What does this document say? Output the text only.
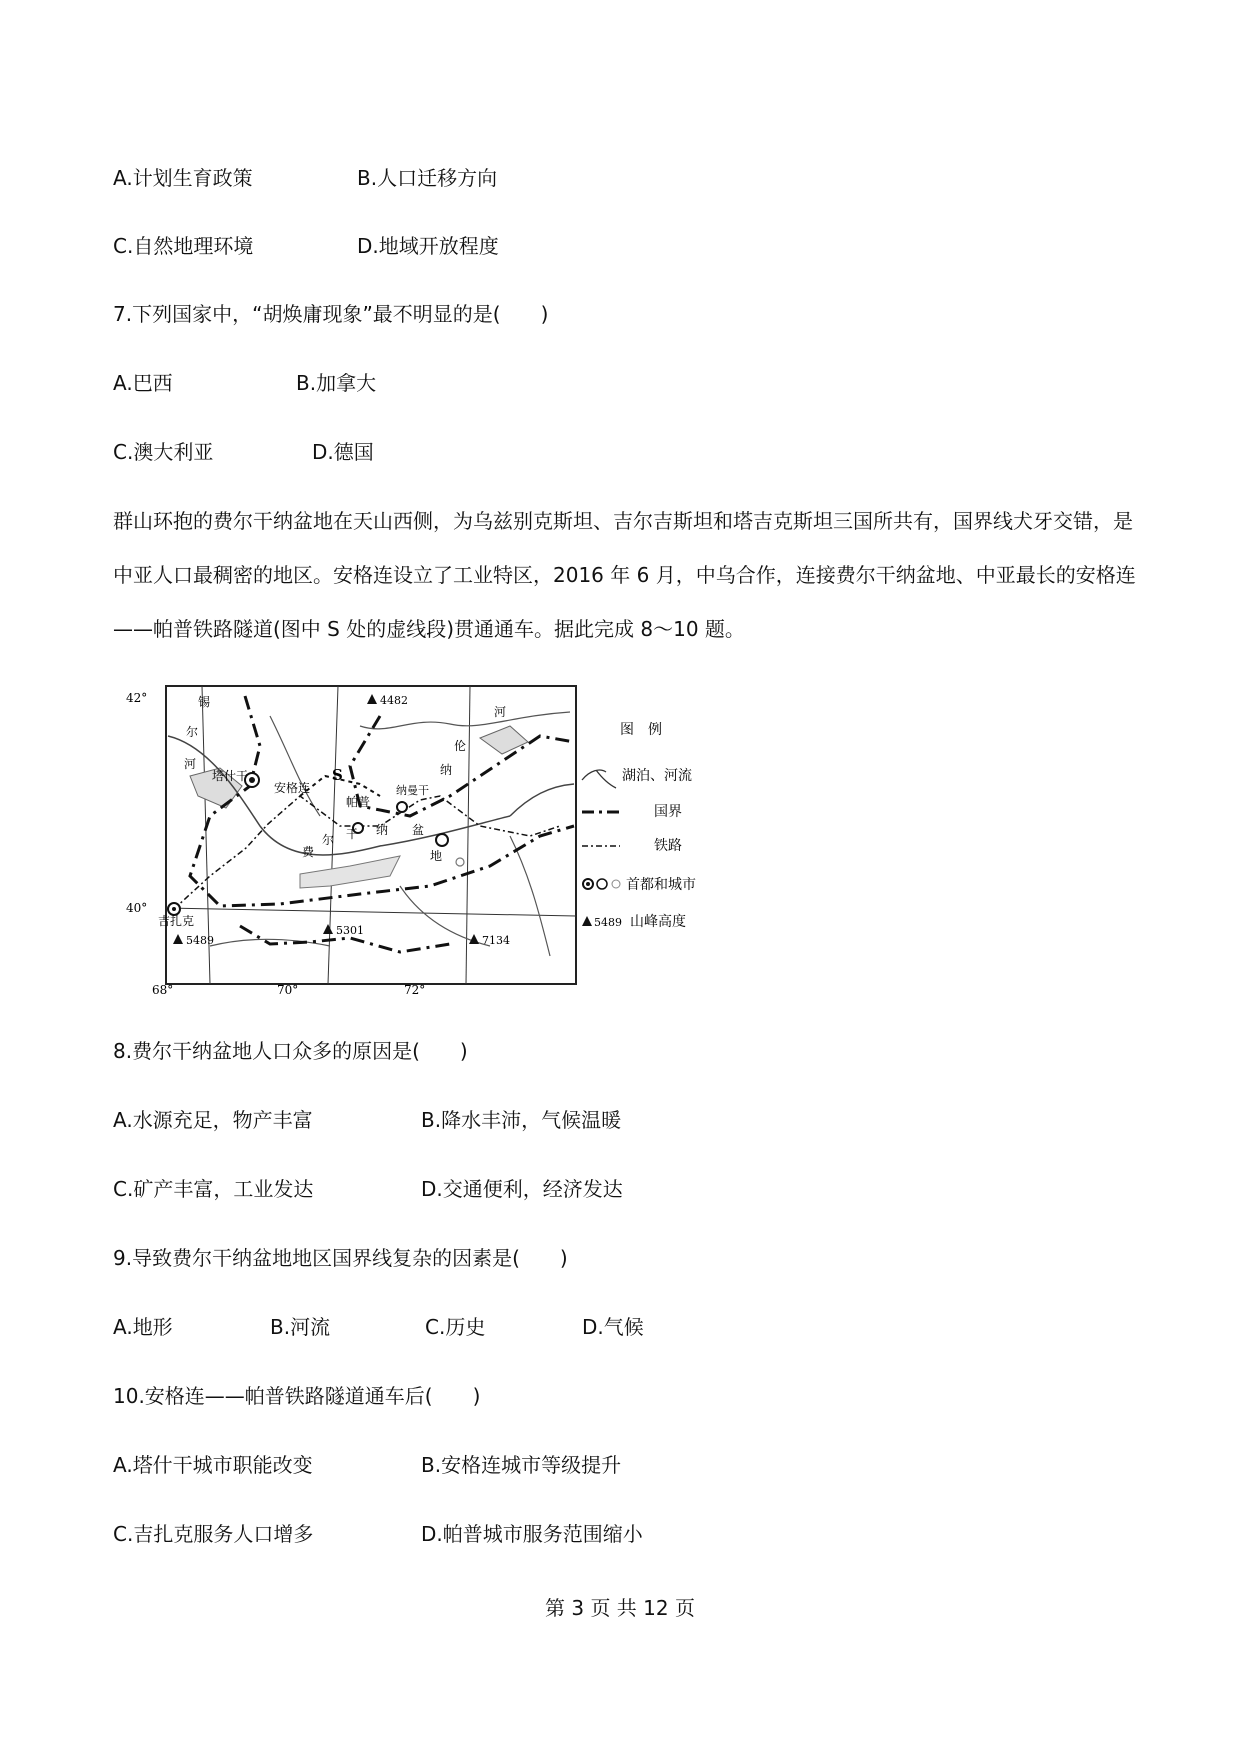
A.计划生育政策	B.人口迁移方向
C.自然地理环境	D.地域开放程度
7.下列国家中，“胡焕庸现象”最不明显的是(　　)
A.巴西	B.加拿大
C.澳大利亚	D.德国
群山环抱的费尔干纳盆地在天山西侧，为乌兹别克斯坦、吉尔吉斯坦和塔吉克斯坦三国所共有，国界线犬牙交错，是中亚人口最稠密的地区。安格连设立了工业特区，2016 年 6 月，中乌合作，连接费尔干纳盆地、中亚最长的安格连——帕普铁路隧道(图中 S 处的虚线段)贯通通车。据此完成 8～10 题。
42°
40°
68°	70°	72°
塔什干
安格连
S
帕普
纳曼干
吉扎克
费
尔 干 纳 盆
地
锡
尔
河	纳
伦
河
4482
5489
5301
7134
图　例
湖泊、河流
国界
铁路
首都和城市
5489 山峰高度
8.费尔干纳盆地人口众多的原因是(　　)
A.水源充足，物产丰富	B.降水丰沛，气候温暖
C.矿产丰富，工业发达	D.交通便利，经济发达
9.导致费尔干纳盆地地区国界线复杂的因素是(　　)
A.地形	B.河流	C.历史	D.气候
10.安格连——帕普铁路隧道通车后(　　)
A.塔什干城市职能改变	B.安格连城市等级提升
C.吉扎克服务人口增多	D.帕普城市服务范围缩小
第 3 页 共 12 页
